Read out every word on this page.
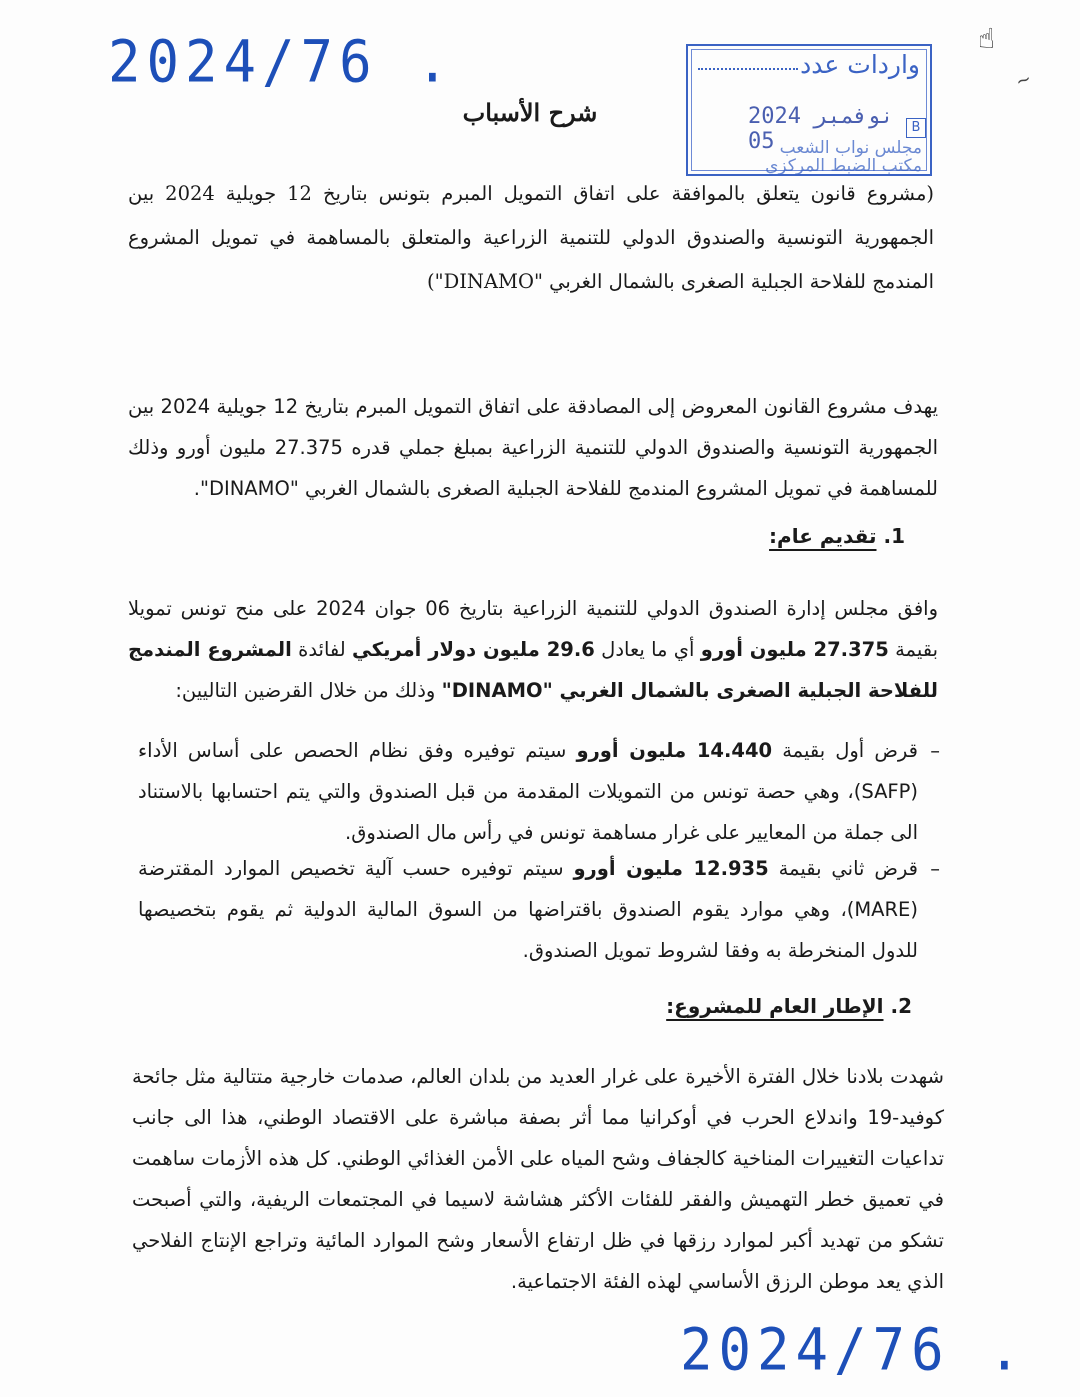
2024/76 .	واردات عدد
2024 نوفمبر 05
B
مجلس نواب الشعب
مكتب الضبط المركزي
☝
~
شرح الأسباب
(مشروع قانون يتعلق بالموافقة على اتفاق التمويل المبرم بتونس بتاريخ 12 جويلية 2024 بين الجمهورية التونسية والصندوق الدولي للتنمية الزراعية والمتعلق بالمساهمة في تمويل المشروع المندمج للفلاحة الجبلية الصغرى بالشمال الغربي "DINAMO")
يهدف مشروع القانون المعروض إلى المصادقة على اتفاق التمويل المبرم بتاريخ 12 جويلية 2024 بين الجمهورية التونسية والصندوق الدولي للتنمية الزراعية بمبلغ جملي قدره 27.375 مليون أورو وذلك للمساهمة في تمويل المشروع المندمج للفلاحة الجبلية الصغرى بالشمال الغربي "DINAMO".
1. تقديم عام:
وافق مجلس إدارة الصندوق الدولي للتنمية الزراعية بتاريخ 06 جوان 2024 على منح تونس تمويلا بقيمة 27.375 مليون أورو أي ما يعادل 29.6 مليون دولار أمريكي لفائدة المشروع المندمج للفلاحة الجبلية الصغرى بالشمال الغربي "DINAMO" وذلك من خلال القرضين التاليين:
–
قرض أول بقيمة 14.440 مليون أورو سيتم توفيره وفق نظام الحصص على أساس الأداء (SAFP)، وهي حصة تونس من التمويلات المقدمة من قبل الصندوق والتي يتم احتسابها بالاستناد الى جملة من المعايير على غرار مساهمة تونس في رأس مال الصندوق.
–
قرض ثاني بقيمة 12.935 مليون أورو سيتم توفيره حسب آلية تخصيص الموارد المقترضة (MARE)، وهي موارد يقوم الصندوق باقتراضها من السوق المالية الدولية ثم يقوم بتخصيصها للدول المنخرطة به وفقا لشروط تمويل الصندوق.
2. الإطار العام للمشروع:
شهدت بلادنا خلال الفترة الأخيرة على غرار العديد من بلدان العالم، صدمات خارجية متتالية مثل جائحة كوفيد-19 واندلاع الحرب في أوكرانيا مما أثر بصفة مباشرة على الاقتصاد الوطني، هذا الى جانب تداعيات التغييرات المناخية كالجفاف وشح المياه على الأمن الغذائي الوطني. كل هذه الأزمات ساهمت في تعميق خطر التهميش والفقر للفئات الأكثر هشاشة لاسيما في المجتمعات الريفية، والتي أصبحت تشكو من تهديد أكبر لموارد رزقها في ظل ارتفاع الأسعار وشح الموارد المائية وتراجع الإنتاج الفلاحي الذي يعد موطن الرزق الأساسي لهذه الفئة الاجتماعية.
2024/76 .
